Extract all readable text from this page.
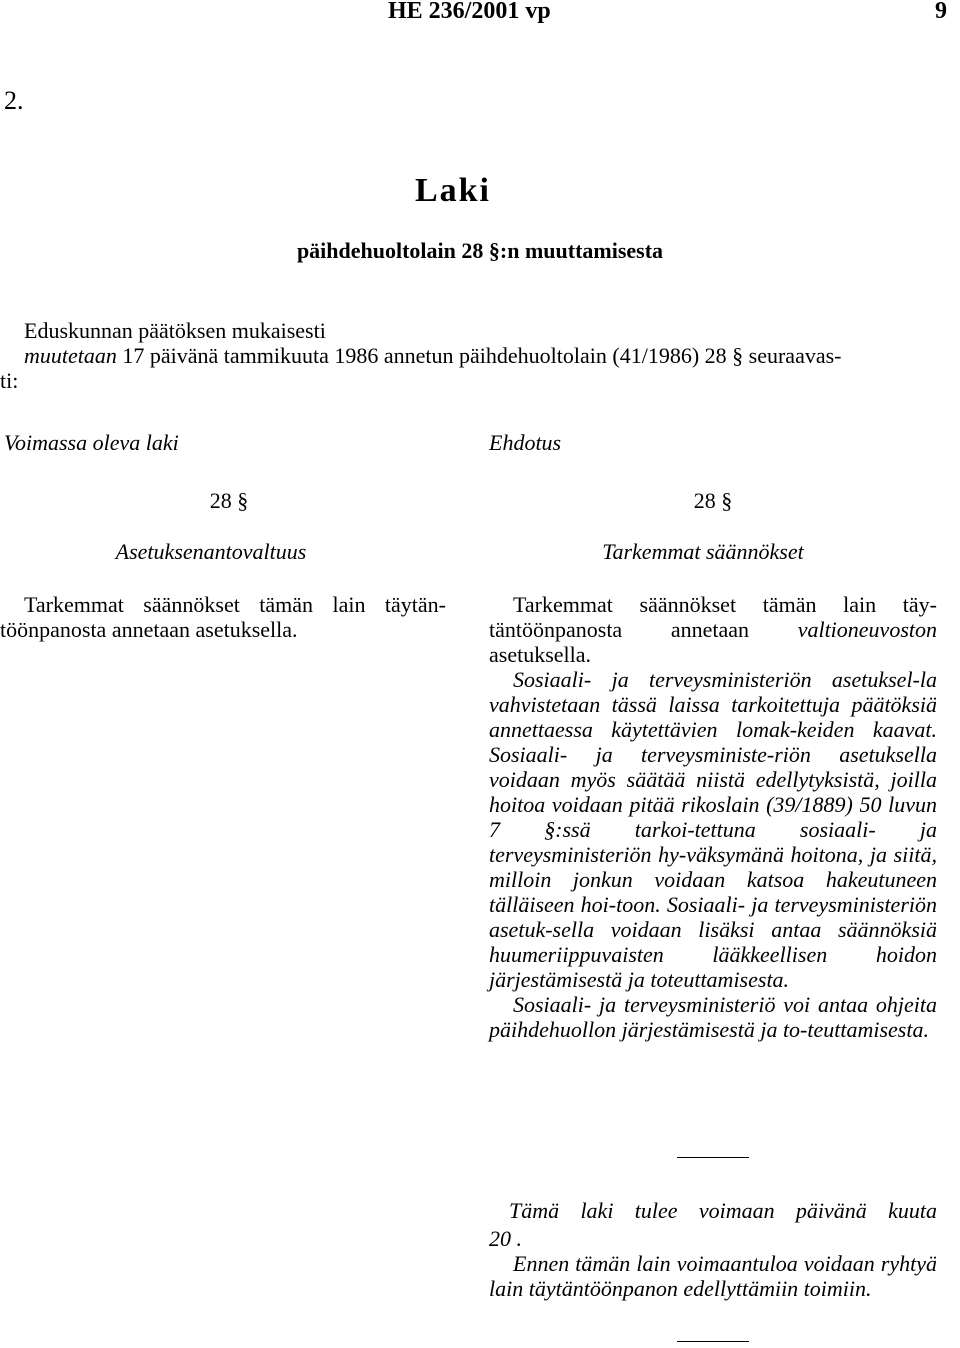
HE 236/2001 vp	9
2.
Laki
päihdehuoltolain 28 §:n muuttamisesta
Eduskunnan päätöksen mukaisesti
muutetaan 17 päivänä tammikuuta 1986 annetun päihdehuoltolain (41/1986) 28 § seuraavas-
ti:
Voimassa oleva laki
28 §
Asetuksenantovaltuus
Tarkemmat säännökset tämän lain täytän-
töönpanosta annetaan asetuksella.
Ehdotus
28 §
Tarkemmat säännökset
Tarkemmat säännökset tämän lain täy-
täntöönpanosta annetaan valtioneuvoston
asetuksella.

Sosiaali- ja terveysministeriön asetuksel-la vahvistetaan tässä laissa tarkoitettuja päätöksiä annettaessa käytettävien lomak-keiden kaavat. Sosiaali- ja terveysministe-riön asetuksella voidaan myös säätää niistä edellytyksistä, joilla hoitoa voidaan pitää rikoslain (39/1889) 50 luvun 7 §:ssä tarkoi-tettuna sosiaali- ja terveysministeriön hy-väksymänä hoitona, ja siitä, milloin jonkun voidaan katsoa hakeutuneen tälläiseen hoi-toon. Sosiaali- ja terveysministeriön asetuk-sella voidaan lisäksi antaa säännöksiä huumeriippuvaisten lääkkeellisen hoidon järjestämisestä ja toteuttamisesta.

Sosiaali- ja terveysministeriö voi antaa ohjeita päihdehuollon järjestämisestä ja to-teuttamisesta.

Tämä laki tulee voimaan päivänä kuuta
20 .

Ennen tämän lain voimaantuloa voidaan ryhtyä lain täytäntöönpanon edellyttämiin toimiin.
